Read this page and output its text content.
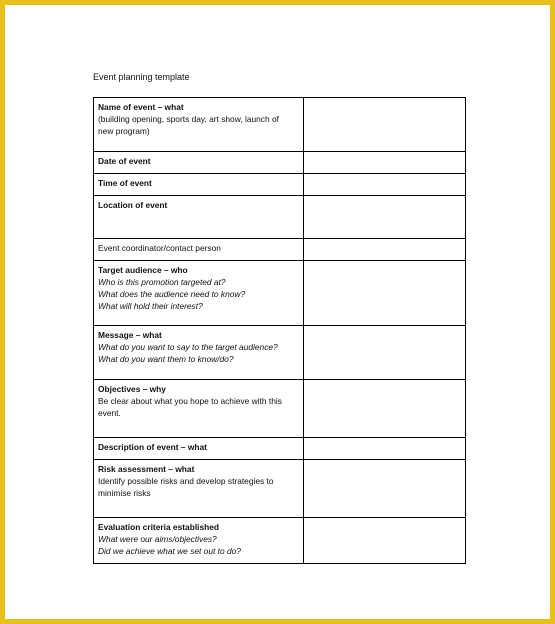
Event planning template
Name of event – what
(building opening, sports day, art show, launch of
new program)	

Date of event	

Time of event	

Location of event	

Event coordinator/contact person	

Target audience – who
Who is this promotion targeted at?
What does the audience need to know?
What will hold their interest?	

Message – what
What do you want to say to the target audience?
What do you want them to know/do?	

Objectives – why
Be clear about what you hope to achieve with this
event.	

Description of event – what	

Risk assessment – what
Identify possible risks and develop strategies to
minimise risks	

Evaluation criteria established
What were our aims/objectives?
Did we achieve what we set out to do?	
